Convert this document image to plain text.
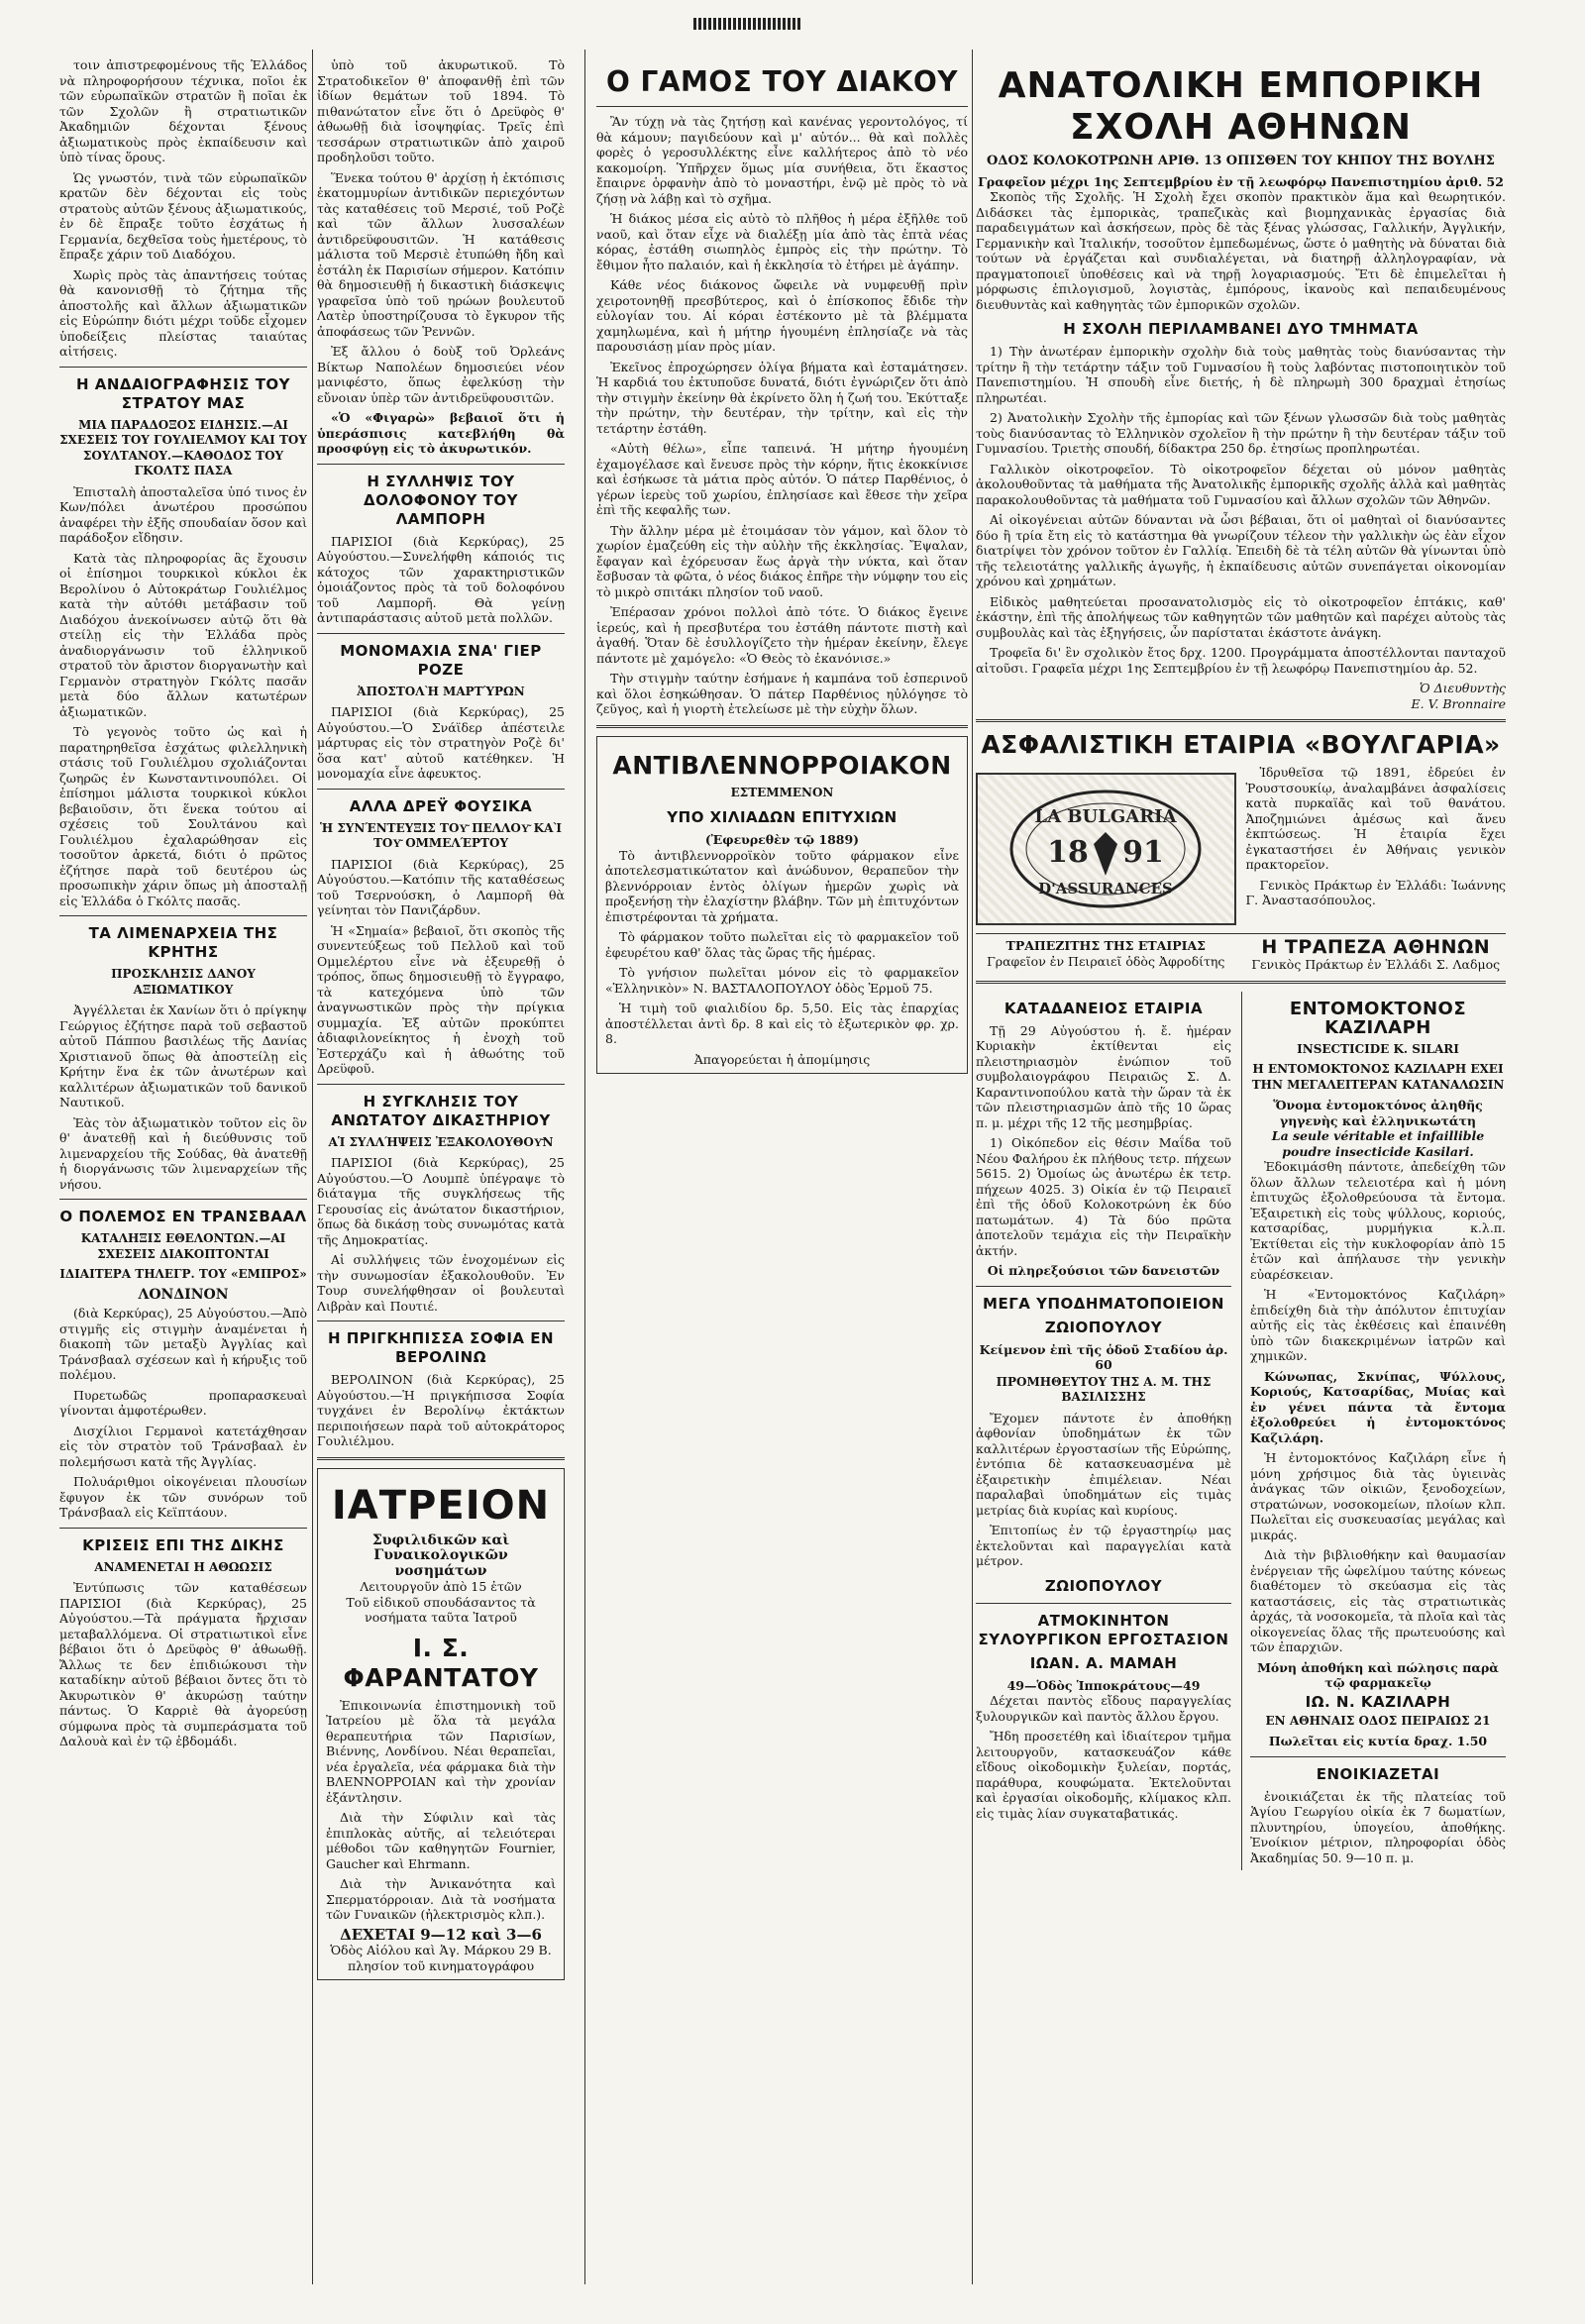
τοιν ἀπιστρεφομένους τῆς Ἑλλάδος νὰ πληροφορήσουν τέχνικα, ποῖοι ἐκ τῶν εὐρωπαϊκῶν στρατῶν ἢ ποῖαι ἐκ τῶν Σχολῶν ἢ στρατιωτικῶν Ἀκαδημιῶν δέχονται ξένους ἀξιωματικοὺς πρὸς ἐκπαίδευσιν καὶ ὑπὸ τίνας ὅρους.

Ὡς γνωστόν, τινὰ τῶν εὐρωπαϊκῶν κρατῶν δὲν δέχονται εἰς τοὺς στρατοὺς αὐτῶν ξένους ἀξιωματικούς, ἐν δὲ ἔπραξε τοῦτο ἐσχάτως ἡ Γερμανία, δεχθεῖσα τοὺς ἡμετέρους, τὸ ἔπραξε χάριν τοῦ Διαδόχου.

Χωρὶς πρὸς τὰς ἀπαντήσεις τούτας θὰ κανονισθῇ τὸ ζήτημα τῆς ἀποστολῆς καὶ ἄλλων ἀξιωματικῶν εἰς Εὐρώπην διότι μέχρι τοῦδε εἶχομεν ὑποδείξεις πλείστας ταιαύτας αἰτήσεις.

Η ΑΝΔΑΙΟΓΡΑΦΗΣΙΣ ΤΟΥ ΣΤΡΑΤΟΥ ΜΑΣ
ΜΙΑ ΠΑΡΑΔΟΞΟΣ ΕΙΔΗΣΙΣ.—ΑΙ ΣΧΕΣΕΙΣ ΤΟΥ ΓΟΥΛΙΕΛΜΟΥ ΚΑΙ ΤΟΥ ΣΟΥΛΤΑΝΟΥ.—ΚΑΘΟΔΟΣ ΤΟΥ ΓΚΟΛΤΣ ΠΑΣΑ

Ἐπισταλὴ ἀποσταλεῖσα ὑπό τινος ἐν Κων/πόλει ἀνωτέρου προσώπου ἀναφέρει τὴν ἐξῆς σπουδαίαν ὅσον καὶ παράδοξον εἴδησιν.

Κατὰ τὰς πληροφορίας ἃς ἔχουσιν οἱ ἐπίσημοι τουρκικοὶ κύκλοι ἐκ Βερολίνου ὁ Αὐτοκράτωρ Γουλιέλμος κατὰ τὴν αὐτόθι μετάβασιν τοῦ Διαδόχου ἀνεκοίνωσεν αὐτῷ ὅτι θὰ στείλῃ εἰς τὴν Ἑλλάδα πρὸς ἀναδιοργάνωσιν τοῦ ἑλληνικοῦ στρατοῦ τὸν ἄριστον διοργανωτὴν καὶ Γερμανὸν στρατηγὸν Γκόλτς πασᾶν μετὰ δύο ἄλλων κατωτέρων ἀξιωματικῶν.

Τὸ γεγονὸς τοῦτο ὡς καὶ ἡ παρατηρηθεῖσα ἐσχάτως φιλελληνικὴ στάσις τοῦ Γουλιέλμου σχολιάζονται ζωηρῶς ἐν Κωνσταντινουπόλει. Οἱ ἐπίσημοι μάλιστα τουρκικοὶ κύκλοι βεβαιοῦσιν, ὅτι ἕνεκα τούτου αἱ σχέσεις τοῦ Σουλτάνου καὶ Γουλιέλμου ἐχαλαρώθησαν εἰς τοσοῦτον ἀρκετά, διότι ὁ πρῶτος ἐζήτησε παρὰ τοῦ δευτέρου ὡς προσωπικὴν χάριν ὅπως μὴ ἀποσταλῇ εἰς Ἑλλάδα ὁ Γκόλτς πασᾶς.

ΤΑ ΛΙΜΕΝΑΡΧΕΙΑ ΤΗΣ ΚΡΗΤΗΣ
ΠΡΟΣΚΛΗΣΙΣ ΔΑΝΟΥ ΑΞΙΩΜΑΤΙΚΟΥ

Ἀγγέλλεται ἐκ Χανίων ὅτι ὁ πρίγκηψ Γεώργιος ἐζήτησε παρὰ τοῦ σεβαστοῦ αὐτοῦ Πάππου βασιλέως τῆς Δανίας Χριστιανοῦ ὅπως θὰ ἀποστείλῃ εἰς Κρήτην ἕνα ἐκ τῶν ἀνωτέρων καὶ καλλιτέρων ἀξιωματικῶν τοῦ δανικοῦ Ναυτικοῦ.

Ἐὰς τὸν ἀξιωματικὸν τοῦτον εἰς ὃν θ' ἀνατεθῇ καὶ ἡ διεύθυνσις τοῦ λιμεναρχείου τῆς Σούδας, θὰ ἀνατεθῇ ἡ διοργάνωσις τῶν λιμεναρχείων τῆς νήσου.

Ο ΠΟΛΕΜΟΣ ΕΝ ΤΡΑΝΣΒΑΑΛ
ΚΑΤΑΛΗΞΙΣ ΕΘΕΛΟΝΤΩΝ.—ΑΙ ΣΧΕΣΕΙΣ ΔΙΑΚΟΠΤΟΝΤΑΙ
ΙΔΙΑΙΤΕΡΑ ΤΗΛΕΓΡ. ΤΟΥ «ΕΜΠΡΟΣ»
ΛΟΝΔΙΝΟΝ

(διὰ Κερκύρας), 25 Αὐγούστου.—Ἀπὸ στιγμῆς εἰς στιγμὴν ἀναμένεται ἡ διακοπὴ τῶν μεταξὺ Ἀγγλίας καὶ Τράνσβααλ σχέσεων καὶ ἡ κήρυξις τοῦ πολέμου.

Πυρετωδῶς προπαρασκευαὶ γίνονται ἀμφοτέρωθεν.

Δισχίλιοι Γερμανοὶ κατετάχθησαν εἰς τὸν στρατὸν τοῦ Τράνσβααλ ἐν πολεμήσωσι κατὰ τῆς Ἀγγλίας.

Πολυάριθμοι οἰκογένειαι πλουσίων ἔφυγον ἐκ τῶν συνόρων τοῦ Τράνσβααλ εἰς Κεϊπτάουν.

ΚΡΙΣΕΙΣ ΕΠΙ ΤΗΣ ΔΙΚΗΣ
ΑΝΑΜΕΝΕΤΑΙ Η ΑΘΩΩΣΙΣ

Ἐντύπωσις τῶν καταθέσεων ΠΑΡΙΣΙΟΙ (διὰ Κερκύρας), 25 Αὐγούστου.—Τὰ πράγματα ἤρχισαν μεταβαλλόμενα. Οἱ στρατιωτικοὶ εἶνε βέβαιοι ὅτι ὁ Δρεϋφὸς θ' ἀθωωθῇ. Ἄλλως τε δεν ἐπιδιώκουσι τὴν καταδίκην αὐτοῦ βέβαιοι ὄντες ὅτι τὸ Ἀκυρωτικὸν θ' ἀκυρώσῃ ταύτην πάντως. Ὁ Καρριὲ θὰ ἀγορεύσῃ σύμφωνα πρὸς τὰ συμπεράσματα τοῦ Δαλουὰ καὶ ἐν τῷ ἐβδομάδι.

ὑπὸ τοῦ ἀκυρωτικοῦ. Τὸ Στρατοδικεῖον θ' ἀποφανθῇ ἐπὶ τῶν ἰδίων θεμάτων τοῦ 1894. Τὸ πιθανώτατον εἶνε ὅτι ὁ Δρεϋφὸς θ' ἀθωωθῇ διὰ ἰσοψηφίας. Τρεῖς ἐπὶ τεσσάρων στρατιωτικῶν ἀπὸ χαιροῦ προδηλοῦσι τοῦτο.

Ἕνεκα τούτου θ' ἀρχίσῃ ἡ ἐκτόπισις ἑκατομμυρίων ἀντιδικῶν περιεχόντων τὰς καταθέσεις τοῦ Μερσιέ, τοῦ Ροζὲ καὶ τῶν ἄλλων λυσσαλέων ἀντιδρεϋφουσιτῶν. Ἡ κατάθεσις μάλιστα τοῦ Μερσιὲ ἐτυπώθη ἤδη καὶ ἐστάλη ἐκ Παρισίων σήμερον. Κατόπιν θὰ δημοσιευθῇ ἡ δικαστικὴ διάσκεψις γραφεῖσα ὑπὸ τοῦ ηρώων βουλευτοῦ Λατὲρ ὑποστηρίζουσα τὸ ἔγκυρον τῆς ἀποφάσεως τῶν Ῥεννῶν.

Ἐξ ἄλλου ὁ δοὺξ τοῦ Ὀρλεάνς Βίκτωρ Ναπολέων δημοσιεύει νέον μανιφέστο, ὅπως ἐφελκύσῃ τὴν εὔνοιαν ὑπὲρ τῶν ἀντιδρεϋφουσιτῶν.

«Ὁ «Φιγαρὼ» βεβαιοῖ ὅτι ἡ ὑπεράσπισις κατεβλήθη θὰ προσφύγῃ εἰς τὸ ἀκυρωτικόν.

Η ΣΥΛΛΗΨΙΣ ΤΟΥ ΔΟΛΟΦΟΝΟΥ ΤΟΥ ΛΑΜΠΟΡΗ

ΠΑΡΙΣΙΟΙ (διὰ Κερκύρας), 25 Αὐγούστου.—Συνελήφθη κάποιός τις κάτοχος τῶν χαρακτηριστικῶν ὁμοιάζοντος πρὸς τὰ τοῦ δολοφόνου τοῦ Λαμπορῆ. Θὰ γείνῃ ἀντιπαράστασις αὐτοῦ μετὰ πολλῶν.

ΜΟΝΟΜΑΧΙΑ ΣΝΑ' ΓΙΕΡ ΡΟΖΕ
ἈΠΟΣΤΟΛῊ ΜΑΡΤΎΡΩΝ

ΠΑΡΙΣΙΟΙ (διὰ Κερκύρας), 25 Αὐγούστου.—Ὁ Σνάϊδερ ἀπέστειλε μάρτυρας εἰς τὸν στρατηγὸν Ροζὲ δι' ὅσα κατ' αὐτοῦ κατέθηκεν. Ἡ μονομαχία εἶνε ἀφευκτος.

ΑΛΛΑ ΔΡΕΫ ΦΟΥΣΙΚΑ
Ἡ ΣΥΝΈΝΤΕΥΞΙΣ ΤΟΥ͂ ΠΕΛΛΟΥ͂ ΚΑῚ ΤΟΥ͂ ΟΜΜΕΛΈΡΤΟΥ

ΠΑΡΙΣΙΟΙ (διὰ Κερκύρας), 25 Αὐγούστου.—Κατόπιν τῆς καταθέσεως τοῦ Τσερνούσκη, ὁ Λαμπορῆ θὰ γείνηται τὸν Πανιζάρδυν.

Ἡ «Σημαία» βεβαιοῖ, ὅτι σκοπὸς τῆς συνεντεύξεως τοῦ Πελλοῦ καὶ τοῦ Ομμελέρτου εἶνε νὰ ἐξευρεθῇ ὁ τρόπος, ὅπως δημοσιευθῇ τὸ ἔγγραφο, τὰ κατεχόμενα ὑπὸ τῶν ἀναγνωστικῶν πρὸς τὴν πρίγκια συμμαχία. Ἐξ αὐτῶν προκύπτει ἀδιαφιλονείκητος ἡ ἐνοχὴ τοῦ Ἐστερχάζυ καὶ ἡ ἀθωότης τοῦ Δρεϋφοῦ.

Η ΣΥΓΚΛΗΣΙΣ ΤΟΥ ΑΝΩΤΑΤΟΥ ΔΙΚΑΣΤΗΡΙΟΥ
ΑἹ ΣΥΛΛΉΨΕΙΣ ἘΞΑΚΟΛΟΥΘΟΥ͂Ν

ΠΑΡΙΣΙΟΙ (διὰ Κερκύρας), 25 Αὐγούστου.—Ὁ Λουμπὲ ὑπέγραψε τὸ διάταγμα τῆς συγκλήσεως τῆς Γερουσίας εἰς ἀνώτατον δικαστήριον, ὅπως δὰ δικάσῃ τοὺς συνωμότας κατὰ τῆς Δημοκρατίας.

Αἱ συλλήψεις τῶν ἐνοχομένων εἰς τὴν συνωμοσίαν ἐξακολουθοῦν. Ἐν Τουρ συνελήφθησαν οἱ βουλευταὶ Λιβρὰν καὶ Πουτιέ.

Η ΠΡΙΓΚΗΠΙΣΣΑ ΣΟΦΙΑ ΕΝ ΒΕΡΟΛΙΝΩ

ΒΕΡΟΛΙΝΟΝ (διὰ Κερκύρας), 25 Αὐγούστου.—Ἡ πριγκήπισσα Σοφία τυγχάνει ἐν Βερολίνῳ ἐκτάκτων περιποιήσεων παρὰ τοῦ αὐτοκράτορος Γουλιέλμου.

ΙΑΤΡΕΙΟΝ
Συφιλιδικῶν καὶ Γυναικολογικῶν νοσημάτων
Λειτουργοῦν ἀπὸ 15 ἐτῶν
Τοῦ εἰδικοῦ σπουδάσαντος τὰ νοσήματα ταῦτα Ἰατροῦ
Ι. Σ. ΦΑΡΑΝΤΑΤΟΥ

Ἐπικοινωνία ἐπιστημονικὴ τοῦ Ἰατρείου μὲ ὅλα τὰ μεγάλα θεραπευτήρια τῶν Παρισίων, Βιέννης, Λονδίνου. Νέαι θεραπεῖαι, νέα ἐργαλεῖα, νέα φάρμακα διὰ τὴν ΒΛΕΝΝΟΡΡΟΙΑΝ καὶ τὴν χρονίαν ἐξάντλησιν.

Διὰ τὴν Σύφιλιν καὶ τὰς ἐπιπλοκὰς αὐτῆς, αἱ τελειότεραι μέθοδοι τῶν καθηγητῶν Fournier, Gaucher καὶ Ehrmann.

Διὰ τὴν Ἀνικανότητα καὶ Σπερματόρροιαν. Διὰ τὰ νοσήματα τῶν Γυναικῶν (ἠλεκτρισμὸς κλπ.).

ΔΕΧΕΤΑΙ 9—12 καὶ 3—6
Ὁδὸς Αἰόλου καὶ Ἁγ. Μάρκου 29 Β. πλησίον τοῦ κινηματογράφου
Ο ΓΑΜΟΣ ΤΟΥ ΔΙΑΚΟΥ

Ἂν τύχῃ νὰ τὰς ζητήσῃ καὶ κανένας γεροντολόγος, τί θὰ κάμουν; παγιδεύουν καὶ μ' αὐτόν... θὰ καὶ πολλὲς φορὲς ὁ γεροσυλλέκτης εἶνε καλλήτερος ἀπὸ τὸ νέο κακομοίρη. Ὑπῆρχεν ὅμως μία συνήθεια, ὅτι ἕκαστος ἔπαιρνε ὁρφανὴν ἀπὸ τὸ μοναστήρι, ἐνῷ μὲ πρὸς τὸ νὰ ζήσῃ νὰ λάβῃ καὶ τὸ σχῆμα.

Ἡ διάκος μέσα εἰς αὐτὸ τὸ πλῆθος ἡ μέρα ἐξῆλθε τοῦ ναοῦ, καὶ ὅταν εἶχε νὰ διαλέξῃ μία ἀπὸ τὰς ἐπτὰ νέας κόρας, ἐστάθη σιωπηλὸς ἐμπρὸς εἰς τὴν πρώτην. Τὸ ἔθιμον ἦτο παλαιόν, καὶ ἡ ἐκκλησία τὸ ἐτήρει μὲ ἀγάπην.

Κάθε νέος διάκονος ὤφειλε νὰ νυμφευθῇ πρὶν χειροτονηθῇ πρεσβύτερος, καὶ ὁ ἐπίσκοπος ἔδιδε τὴν εὐλογίαν του. Αἱ κόραι ἐστέκοντο μὲ τὰ βλέμματα χαμηλωμένα, καὶ ἡ μήτηρ ἡγουμένη ἐπλησίαζε νὰ τὰς παρουσιάσῃ μίαν πρὸς μίαν.

Ἐκεῖνος ἐπροχώρησεν ὀλίγα βήματα καὶ ἐσταμάτησεν. Ἡ καρδιά του ἐκτυποῦσε δυνατά, διότι ἐγνώριζεν ὅτι ἀπὸ τὴν στιγμὴν ἐκείνην θὰ ἐκρίνετο ὅλη ἡ ζωή του. Ἐκύτταξε τὴν πρώτην, τὴν δευτέραν, τὴν τρίτην, καὶ εἰς τὴν τετάρτην ἐστάθη.

«Αὐτὴ θέλω», εἶπε ταπεινά. Ἡ μήτηρ ἡγουμένη ἐχαμογέλασε καὶ ἔνευσε πρὸς τὴν κόρην, ἥτις ἐκοκκίνισε καὶ ἐσήκωσε τὰ μάτια πρὸς αὐτόν. Ὁ πάτερ Παρθένιος, ὁ γέρων ἱερεὺς τοῦ χωρίου, ἐπλησίασε καὶ ἔθεσε τὴν χεῖρα ἐπὶ τῆς κεφαλῆς των.

Τὴν ἄλλην μέρα μὲ ἐτοιμάσαν τὸν γάμον, καὶ ὅλον τὸ χωρίον ἐμαζεύθη εἰς τὴν αὐλὴν τῆς ἐκκλησίας. Ἔψαλαν, ἔφαγαν καὶ ἐχόρευσαν ἕως ἀργὰ τὴν νύκτα, καὶ ὅταν ἔσβυσαν τὰ φῶτα, ὁ νέος διάκος ἐπῆρε τὴν νύμφην του εἰς τὸ μικρὸ σπιτάκι πλησίον τοῦ ναοῦ.

Ἐπέρασαν χρόνοι πολλοὶ ἀπὸ τότε. Ὁ διάκος ἔγεινε ἱερεύς, καὶ ἡ πρεσβυτέρα του ἐστάθη πάντοτε πιστὴ καὶ ἀγαθή. Ὅταν δὲ ἐσυλλογίζετο τὴν ἡμέραν ἐκείνην, ἔλεγε πάντοτε μὲ χαμόγελο: «Ὁ Θεὸς τὸ ἐκανόνισε.»

Τὴν στιγμὴν ταύτην ἐσήμανε ἡ καμπάνα τοῦ ἑσπερινοῦ καὶ ὅλοι ἐσηκώθησαν. Ὁ πάτερ Παρθένιος ηὐλόγησε τὸ ζεῦγος, καὶ ἡ γιορτὴ ἐτελείωσε μὲ τὴν εὐχὴν ὅλων.

ΑΝΤΙΒΛΕΝΝΟΡΡΟΙΑΚΟΝ
ΕΣΤΕΜΜΕΝΟΝ
ΥΠΟ ΧΙΛΙΑΔΩΝ ΕΠΙΤΥΧΙΩΝ
(Ἐφευρεθὲν τῷ 1889)

Τὸ ἀντιβλεννορροϊκὸν τοῦτο φάρμακον εἶνε ἀποτελεσματικώτατον καὶ ἀνώδυνον, θεραπεῦον τὴν βλεννόρροιαν ἐντὸς ὀλίγων ἡμερῶν χωρὶς νὰ προξενήσῃ τὴν ἐλαχίστην βλάβην. Τῶν μὴ ἐπιτυχόντων ἐπιστρέφονται τὰ χρήματα.

Τὸ φάρμακον τοῦτο πωλεῖται εἰς τὸ φαρμακεῖον τοῦ ἐφευρέτου καθ' ὅλας τὰς ὥρας τῆς ἡμέρας.

Τὸ γνήσιον πωλεῖται μόνον εἰς τὸ φαρμακεῖον «Ἑλληνικὸν» Ν. ΒΑΣΤΑΛΟΠΟΥΛΟΥ ὁδὸς Ἑρμοῦ 75.

Ἡ τιμὴ τοῦ φιαλιδίου δρ. 5,50. Εἰς τὰς ἐπαρχίας ἀποστέλλεται ἀντὶ δρ. 8 καὶ εἰς τὸ ἐξωτερικὸν φρ. χρ. 8.

Ἀπαγορεύεται ἡ ἀπομίμησις
ΑΝΑΤΟΛΙΚΗ ΕΜΠΟΡΙΚΗ ΣΧΟΛΗ ΑΘΗΝΩΝ
ΟΔΟΣ ΚΟΛΟΚΟΤΡΩΝΗ ΑΡΙΘ. 13 ΟΠΙΣΘΕΝ ΤΟΥ ΚΗΠΟΥ ΤΗΣ ΒΟΥΛΗΣ
Γραφεῖον μέχρι 1ης Σεπτεμβρίου ἐν τῇ λεωφόρῳ Πανεπιστημίου ἀριθ. 52

Σκοπὸς τῆς Σχολῆς. Ἡ Σχολὴ ἔχει σκοπὸν πρακτικὸν ἅμα καὶ θεωρητικόν. Διδάσκει τὰς ἐμπορικὰς, τραπεζικὰς καὶ βιομηχανικὰς ἐργασίας διὰ παραδειγμάτων καὶ ἀσκήσεων, πρὸς δὲ τὰς ξένας γλώσσας, Γαλλικήν, Ἀγγλικήν, Γερμανικὴν καὶ Ἰταλικήν, τοσοῦτον ἐμπεδωμένως, ὥστε ὁ μαθητὴς νὰ δύναται διὰ τούτων νὰ ἐργάζεται καὶ συνδιαλέγεται, νὰ διατηρῇ ἀλληλογραφίαν, νὰ πραγματοποιεῖ ὑποθέσεις καὶ νὰ τηρῇ λογαριασμούς. Ἔτι δὲ ἐπιμελεῖται ἡ μόρφωσις ἐπιλογισμοῦ, λογιστὰς, ἐμπόρους, ἱκανοὺς καὶ πεπαιδευμένους διευθυντὰς καὶ καθηγητὰς τῶν ἐμπορικῶν σχολῶν.

Η ΣΧΟΛΗ ΠΕΡΙΛΑΜΒΑΝΕΙ ΔΥΟ ΤΜΗΜΑΤΑ

1) Τὴν ἀνωτέραν ἐμπορικὴν σχολὴν διὰ τοὺς μαθητὰς τοὺς διανύσαντας τὴν τρίτην ἢ τὴν τετάρτην τάξιν τοῦ Γυμνασίου ἢ τοὺς λαβόντας πιστοποιητικὸν τοῦ Πανεπιστημίου. Ἡ σπουδὴ εἶνε διετής, ἡ δὲ πληρωμὴ 300 δραχμαὶ ἐτησίως πληρωτέαι.

2) Ἀνατολικὴν Σχολὴν τῆς ἐμπορίας καὶ τῶν ξένων γλωσσῶν διὰ τοὺς μαθητὰς τοὺς διανύσαντας τὸ Ἑλληνικὸν σχολεῖον ἢ τὴν πρώτην ἢ τὴν δευτέραν τάξιν τοῦ Γυμνασίου. Τριετὴς σπουδή, δίδακτρα 250 δρ. ἐτησίως προπληρωτέαι.

Γαλλικὸν οἰκοτροφεῖον. Τὸ οἰκοτροφεῖον δέχεται οὐ μόνον μαθητὰς ἀκολουθοῦντας τὰ μαθήματα τῆς Ἀνατολικῆς ἐμπορικῆς σχολῆς ἀλλὰ καὶ μαθητὰς παρακολουθοῦντας τὰ μαθήματα τοῦ Γυμνασίου καὶ ἄλλων σχολῶν τῶν Ἀθηνῶν.

Αἱ οἰκογένειαι αὐτῶν δύνανται νὰ ὦσι βέβαιαι, ὅτι οἱ μαθηταὶ οἱ διανύσαντες δύο ἢ τρία ἔτη εἰς τὸ κατάστημα θὰ γνωρίζουν τέλεον τὴν γαλλικὴν ὡς ἐὰν εἶχον διατρίψει τὸν χρόνον τοῦτον ἐν Γαλλίᾳ. Ἐπειδὴ δὲ τὰ τέλη αὐτῶν θὰ γίνωνται ὑπὸ τῆς τελειοτάτης γαλλικῆς ἀγωγῆς, ἡ ἐκπαίδευσις αὐτῶν συνεπάγεται οἰκονομίαν χρόνου καὶ χρημάτων.

Εἰδικὸς μαθητεύεται προσανατολισμὸς εἰς τὸ οἰκοτροφεῖον ἑπτάκις, καθ' ἑκάστην, ἐπὶ τῆς ἀπολήψεως τῶν καθηγητῶν τῶν μαθητῶν καὶ παρέχει αὐτοὺς τὰς συμβουλὰς καὶ τὰς ἐξηγήσεις, ὧν παρίσταται ἑκάστοτε ἀνάγκη.

Τροφεῖα δι' ἓν σχολικὸν ἔτος δρχ. 1200. Προγράμματα ἀποστέλλονται πανταχοῦ αἰτοῦσι. Γραφεῖα μέχρι 1ης Σεπτεμβρίου ἐν τῇ λεωφόρῳ Πανεπιστημίου ἀρ. 52.

Ὁ Διευθυντὴς
E. V. Bronnaire
ΑΣΦΑΛΙΣΤΙΚΗ ΕΤΑΙΡΙΑ «ΒΟΥΛΓΑΡΙΑ»
LA BULGARIA
18 91
D'ASSURANCES

Ἱδρυθεῖσα τῷ 1891, ἐδρεύει ἐν Ῥουστσουκίῳ, ἀναλαμβάνει ἀσφαλίσεις κατὰ πυρκαϊᾶς καὶ τοῦ θανάτου. Ἀποζημιώνει ἀμέσως καὶ ἄνευ ἐκπτώσεως. Ἡ ἐταιρία ἔχει ἐγκαταστήσει ἐν Ἀθήναις γενικὸν πρακτορεῖον.

Γενικὸς Πράκτωρ ἐν Ἑλλάδι: Ἰωάννης Γ. Ἀναστασόπουλος.

ΤΡΑΠΕΖΙΤΗΣ ΤΗΣ ΕΤΑΙΡΙΑΣ
Γραφεῖον ἐν Πειραιεῖ ὁδὸς Ἀφροδίτης
Η ΤΡΑΠΕΖΑ ΑΘΗΝΩΝ
Γενικὸς Πράκτωρ ἐν Ἑλλάδι Σ. Λαδμος
ΚΑΤΑΔΑΝΕΙΟΣ ΕΤΑΙΡΙΑ

Τῇ 29 Αὐγούστου ἡ. ἔ. ἡμέραν Κυριακὴν ἐκτίθενται εἰς πλειστηριασμὸν ἐνώπιον τοῦ συμβολαιογράφου Πειραιῶς Σ. Δ. Καραντινοπούλου κατὰ τὴν ὥραν τὰ ἐκ τῶν πλειστηριασμῶν ἀπὸ τῆς 10 ὥρας π. μ. μέχρι τῆς 12 τῆς μεσημβρίας.

1) Οἰκόπεδον εἰς θέσιν Μαΐδα τοῦ Νέου Φαλήρου ἐκ πλήθους τετρ. πήχεων 5615. 2) Ὁμοίως ὡς ἀνωτέρω ἐκ τετρ. πήχεων 4025. 3) Οἰκία ἐν τῷ Πειραιεῖ ἐπὶ τῆς ὁδοῦ Κολοκοτρώνη ἐκ δύο πατωμάτων. 4) Τὰ δύο πρῶτα ἀποτελοῦν τεμάχια εἰς τὴν Πειραϊκὴν ἀκτήν.

Οἱ πληρεξούσιοι τῶν δανειστῶν
ΜΕΓΑ ΥΠΟΔΗΜΑΤΟΠΟΙΕΙΟΝ
ΖΩΙΟΠΟΥΛΟΥ
Κείμενον ἐπὶ τῆς ὁδοῦ Σταδίου ἀρ. 60
ΠΡΟΜΗΘΕΥΤΟΥ ΤΗΣ Α. Μ. ΤΗΣ ΒΑΣΙΛΙΣΣΗΣ

Ἔχομεν πάντοτε ἐν ἀποθήκῃ ἀφθονίαν ὑποδημάτων ἐκ τῶν καλλιτέρων ἐργοστασίων τῆς Εὐρώπης, ἐντόπια δὲ κατασκευασμένα μὲ ἐξαιρετικὴν ἐπιμέλειαν. Νέαι παραλαβαὶ ὑποδημάτων εἰς τιμὰς μετρίας διὰ κυρίας καὶ κυρίους.

Ἐπιτοπίως ἐν τῷ ἐργαστηρίῳ μας ἐκτελοῦνται καὶ παραγγελίαι κατὰ μέτρον.

ΖΩΙΟΠΟΥΛΟΥ
ΑΤΜΟΚΙΝΗΤΟΝ ΣΥΛΟΥΡΓΙΚΟΝ ΕΡΓΟΣΤΑΣΙΟΝ
ΙΩΑΝ. Α. ΜΑΜΑΗ
49—Ὁδὸς Ἱπποκράτους—49

Δέχεται παντὸς εἴδους παραγγελίας ξυλουργικῶν καὶ παντὸς ἄλλου ἔργου.

Ἤδη προσετέθη καὶ ἰδιαίτερον τμῆμα λειτουργοῦν, κατασκευάζον κάθε εἴδους οἰκοδομικὴν ξυλείαν, πορτάς, παράθυρα, κουφώματα. Ἐκτελοῦνται καὶ ἐργασίαι οἰκοδομῆς, κλίμακος κλπ. εἰς τιμὰς λίαν συγκαταβατικάς.

ΕΝΤΟΜΟΚΤΟΝΟΣ ΚΑΖΙΛΑΡΗ
INSECTICIDE K. SILARI
Η ΕΝΤΟΜΟΚΤΟΝΟΣ ΚΑΖΙΛΑΡΗ ΕΧΕΙ ΤΗΝ ΜΕΓΑΛΕΙΤΕΡΑΝ ΚΑΤΑΝΑΛΩΣΙΝ
Ὅνομα ἐντομοκτόνος ἀληθῆς γηγενὴς καὶ ἐλληνικωτάτη
La seule véritable et infaillible poudre insecticide Kasilari.

Ἐδοκιμάσθη πάντοτε, ἀπεδείχθη τῶν ὅλων ἄλλων τελειοτέρα καὶ ἡ μόνη ἐπιτυχῶς ἐξολοθρεύουσα τὰ ἔντομα. Ἐξαιρετικὴ εἰς τοὺς ψύλλους, κοριούς, κατσαρίδας, μυρμήγκια κ.λ.π. Ἐκτίθεται εἰς τὴν κυκλοφορίαν ἀπὸ 15 ἐτῶν καὶ ἀπήλαυσε τὴν γενικὴν εὐαρέσκειαν.

Ἡ «Ἐντομοκτόνος Καζιλάρη» ἐπιδείχθη διὰ τὴν ἀπόλυτον ἐπιτυχίαν αὐτῆς εἰς τὰς ἐκθέσεις καὶ ἐπαινέθη ὑπὸ τῶν διακεκριμένων ἰατρῶν καὶ χημικῶν.

Κώνωπας, Σκνίπας, Ψύλλους, Κοριούς, Κατσαρίδας, Μυίας καὶ ἐν γένει πάντα τὰ ἔντομα ἐξολοθρεύει ἡ ἐντομοκτόνος Καζιλάρη.

Ἡ ἐντομοκτόνος Καζιλάρη εἶνε ἡ μόνη χρήσιμος διὰ τὰς ὑγιεινὰς ἀνάγκας τῶν οἰκιῶν, ξενοδοχείων, στρατώνων, νοσοκομείων, πλοίων κλπ. Πωλεῖται εἰς συσκευασίας μεγάλας καὶ μικράς.

Διὰ τὴν βιβλιοθήκην καὶ θαυμασίαν ἐνέργειαν τῆς ὠφελίμου ταύτης κόνεως διαθέτομεν τὸ σκεύασμα εἰς τὰς καταστάσεις, εἰς τὰς στρατιωτικὰς ἀρχάς, τὰ νοσοκομεῖα, τὰ πλοῖα καὶ τὰς οἰκογενείας ὅλας τῆς πρωτευούσης καὶ τῶν ἐπαρχιῶν.

Μόνη ἀποθήκη καὶ πώλησις παρὰ τῷ φαρμακεῖῳ
ΙΩ. Ν. ΚΑΖΙΛΑΡΗ
ΕΝ ΑΘΗΝΑΙΣ ΟΔΟΣ ΠΕΙΡΑΙΩΣ 21
Πωλεῖται εἰς κυτία δραχ. 1.50
ΕΝΟΙΚΙΑΖΕΤΑΙ

ἐνοικιάζεται ἐκ τῆς πλατείας τοῦ Ἁγίου Γεωργίου οἰκία ἐκ 7 δωματίων, πλυντηρίου, ὑπογείου, ἀποθήκης. Ἐνοίκιον μέτριον, πληροφορίαι ὁδὸς Ἀκαδημίας 50. 9—10 π. μ.
